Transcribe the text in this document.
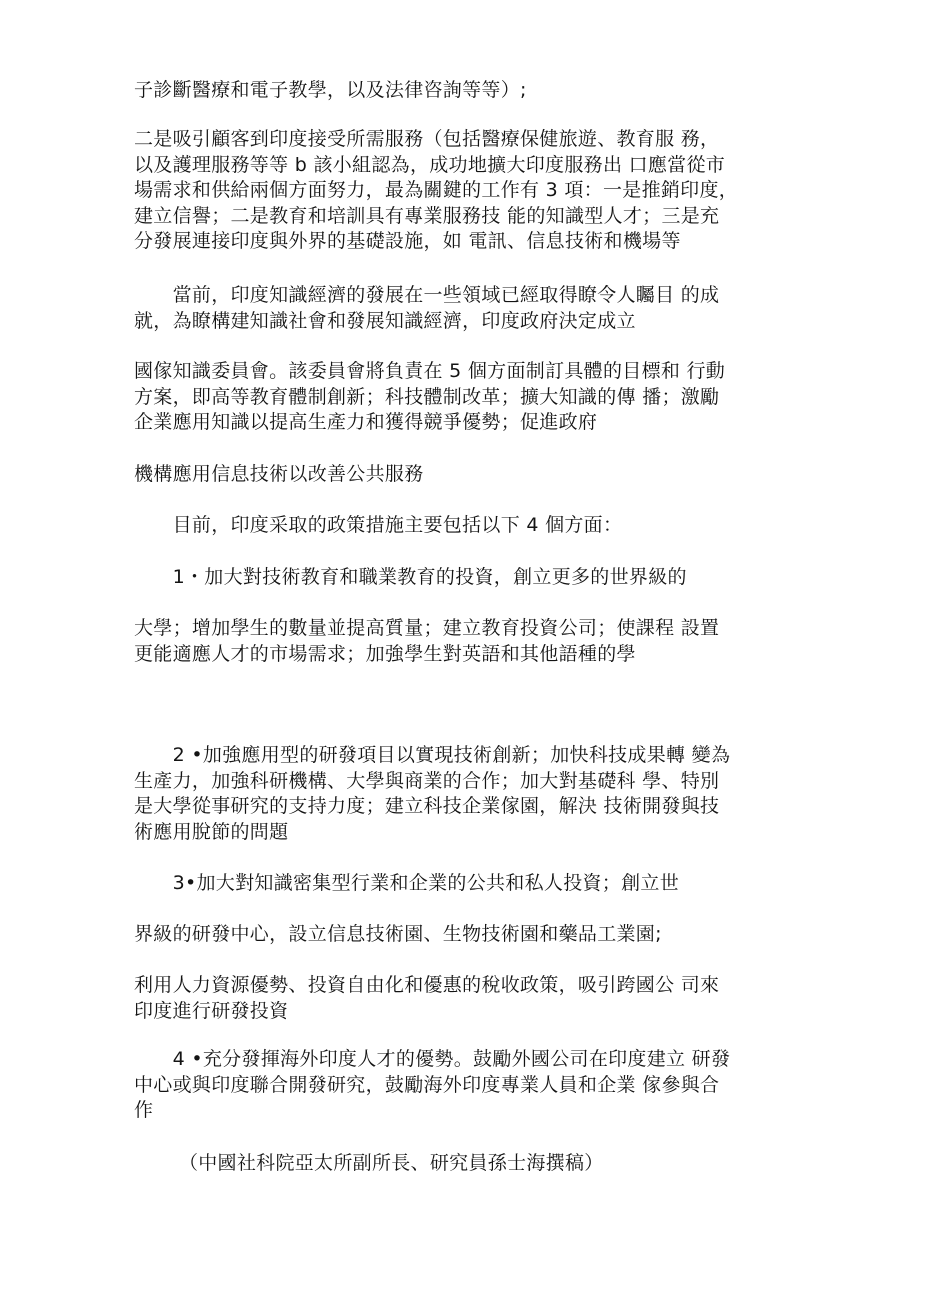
子診斷醫療和電子教學，以及法律咨詢等等）;

二是吸引顧客到印度接受所需服務（包括醫療保健旅遊、教育服 務，
以及護理服務等等 b 該小組認為，成功地擴大印度服務出 口應當從市
場需求和供給兩個方面努力，最為關鍵的工作有 3 項：一是推銷印度，
建立信譽；二是教育和培訓具有專業服務技 能的知識型人才；三是充
分發展連接印度與外界的基礎設施，如 電訊、信息技術和機場等

　　當前，印度知識經濟的發展在一些領域已經取得瞭令人矚目 的成
就，為瞭構建知識社會和發展知識經濟，印度政府決定成立

國傢知識委員會。該委員會將負責在 5 個方面制訂具體的目標和 行動
方案，即高等教育體制創新；科技體制改革；擴大知識的傳 播；激勵
企業應用知識以提高生產力和獲得競爭優勢；促進政府

機構應用信息技術以改善公共服務

　　目前，印度采取的政策措施主要包括以下 4 個方面：

　　1・加大對技術教育和職業教育的投資，創立更多的世界級的

大學；增加學生的數量並提高質量；建立教育投資公司；使課程 設置
更能適應人才的市場需求；加強學生對英語和其他語種的學

　　2 •加強應用型的研發項目以實現技術創新；加快科技成果轉 變為
生產力，加強科研機構、大學與商業的合作；加大對基礎科 學、特別
是大學從事研究的支持力度；建立科技企業傢園，解決 技術開發與技
術應用脫節的問題

　　3•加大對知識密集型行業和企業的公共和私人投資；創立世

界級的研發中心，設立信息技術園、生物技術園和藥品工業園;

利用人力資源優勢、投資自由化和優惠的稅收政策，吸引跨國公 司來
印度進行研發投資

　　4 •充分發揮海外印度人才的優勢。鼓勵外國公司在印度建立 研發
中心或與印度聯合開發研究，鼓勵海外印度專業人員和企業 傢參與合
作

　　 （中國社科院亞太所副所長、研究員孫士海撰稿）
